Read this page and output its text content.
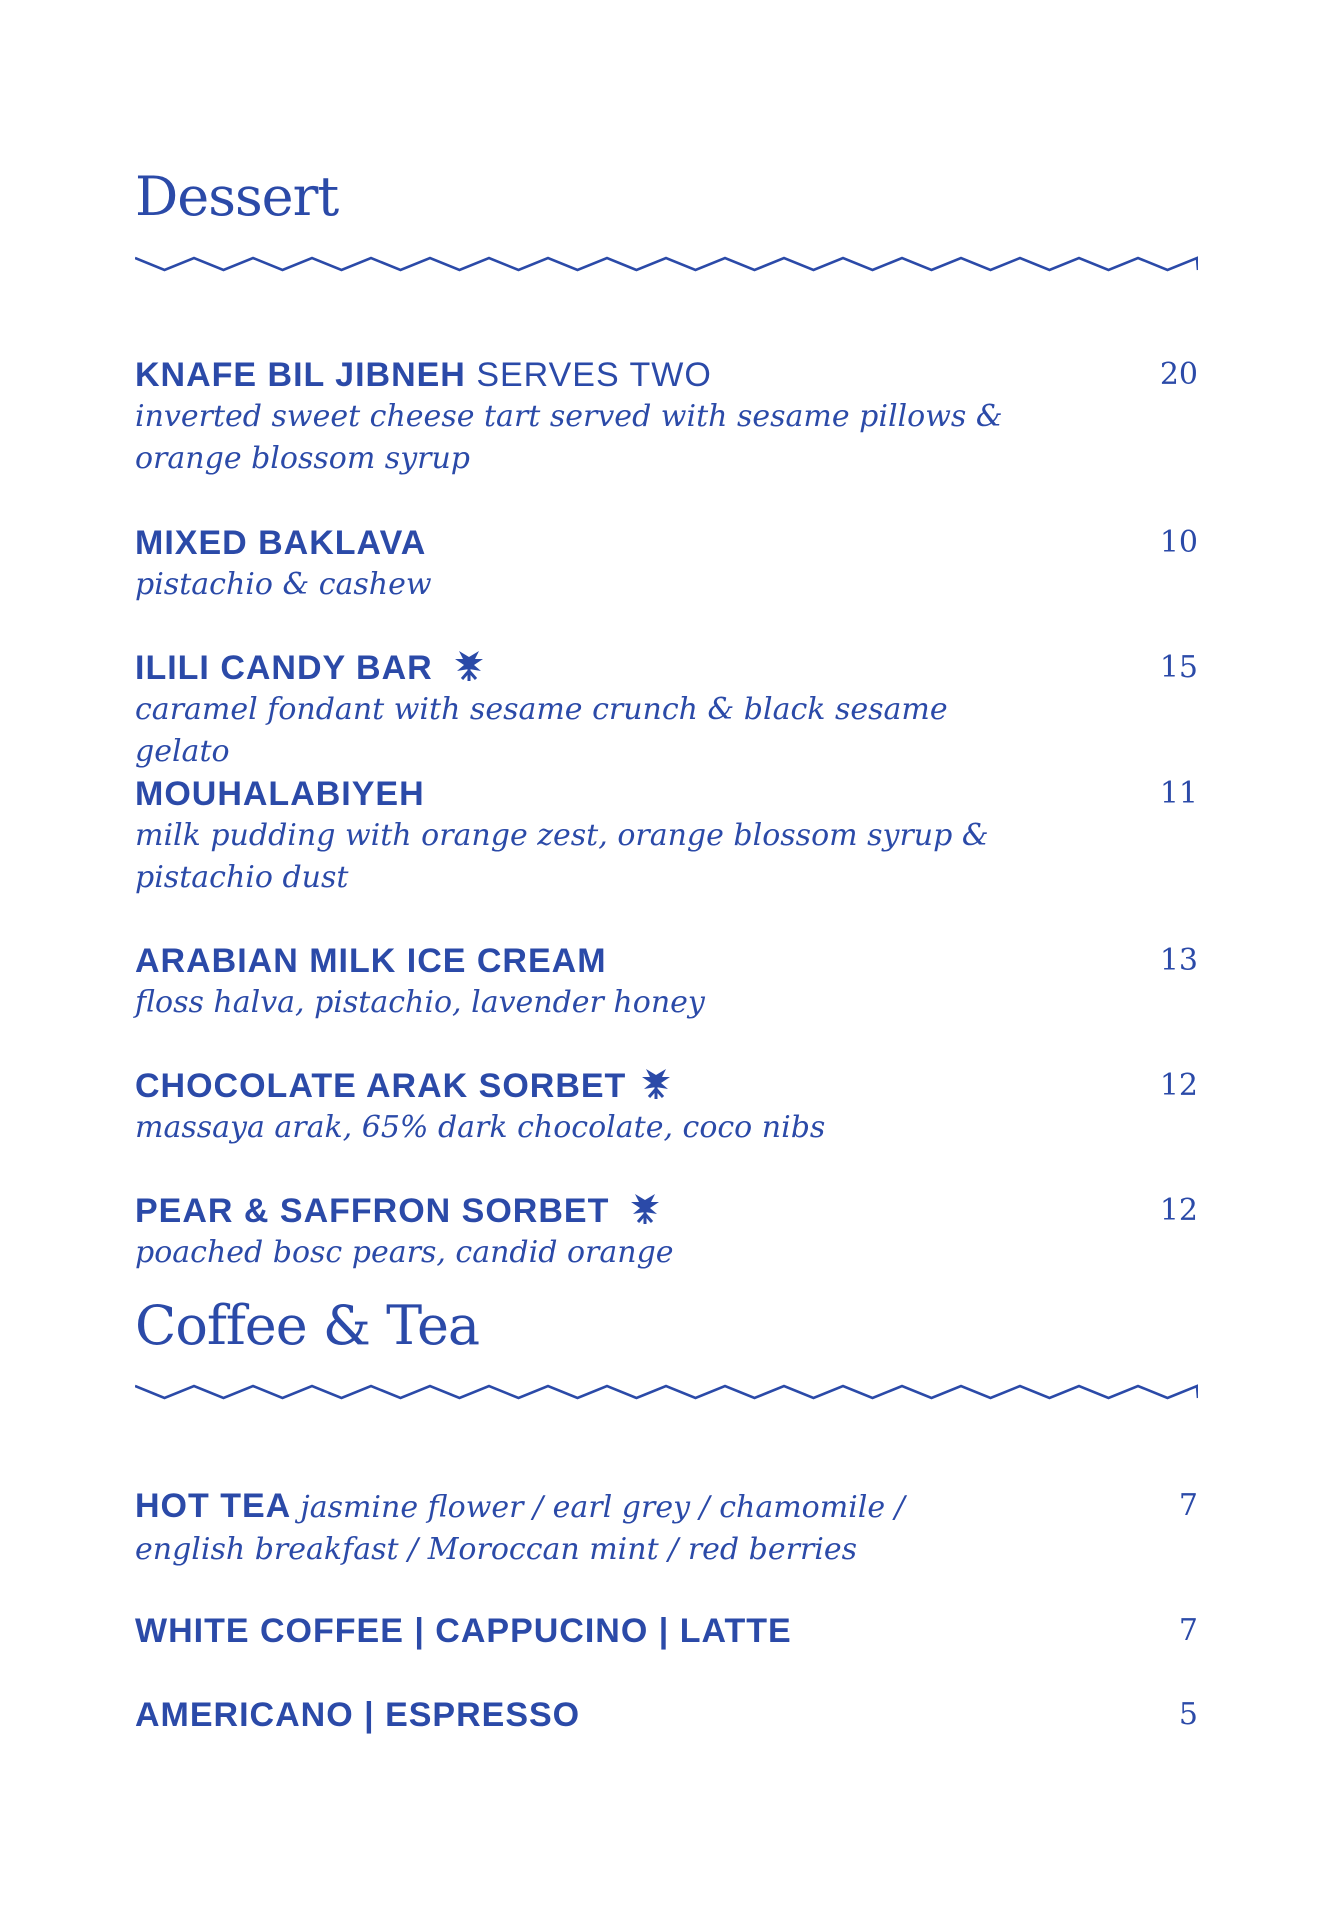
Dessert
KNAFE BIL JIBNEH SERVES TWO
inverted sweet cheese tart served with sesame pillows &
orange blossom syrup
20
MIXED BAKLAVA
pistachio & cashew
10
ILILI CANDY BAR
caramel fondant with sesame crunch & black sesame gelato
15
MOUHALABIYEH
milk pudding with orange zest, orange blossom syrup &
pistachio dust
11
ARABIAN MILK ICE CREAM
floss halva, pistachio, lavender honey
13
CHOCOLATE ARAK SORBET
massaya arak, 65% dark chocolate, coco nibs
12
PEAR & SAFFRON SORBET
poached bosc pears, candid orange
12
Coffee & Tea
HOT TEA jasmine flower / earl grey / chamomile /
english breakfast / Moroccan mint / red berries
7
WHITE COFFEE | CAPPUCINO | LATTE	7
AMERICANO | ESPRESSO	5
